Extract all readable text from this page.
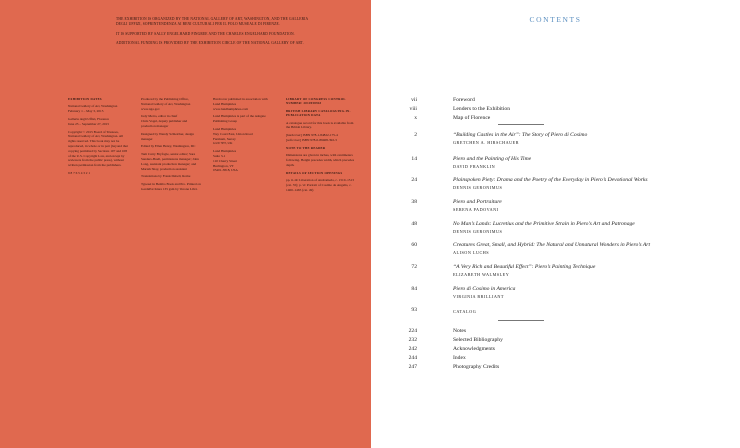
THE EXHIBITION IS ORGANIZED BY THE NATIONAL GALLERY OF ART, WASHINGTON, AND THE GALLERIA DEGLI UFFIZI, SOPRINTENDENZA AI BENI CULTURALI PER IL POLO MUSEALE DI FIRENZE.

IT IS SUPPORTED BY SALLY ENGELHARD PINGREE AND THE CHARLES ENGELHARD FOUNDATION.

ADDITIONAL FUNDING IS PROVIDED BY THE EXHIBITION CIRCLE OF THE NATIONAL GALLERY OF ART.

EXHIBITION DATES

National Gallery of Art, Washington
February 1 – May 3, 2015

Galleria degli Uffizi, Florence
June 23 – September 27, 2015

Copyright © 2015 Board of Trustees, National Gallery of Art, Washington. All rights reserved. This book may not be reproduced, in whole or in part (beyond that copying permitted by Sections 107 and 108 of the U.S. Copyright Law, and except by reviewers from the public press), without written permission from the publishers.

9 8 7 6 5 4 3 2 1

Produced by the Publishing Office, National Gallery of Art, Washington
www.nga.gov

Judy Metro, editor in chief
Chris Vogel, deputy publisher and production manager

Designed by Wendy Schleicher, design manager

Edited by Ellen Henry, Washington, DC

Tam Curry Bryfogle, senior editor; Sara Sanders-Buell, permissions manager; John Long, assistant production manager; and Mariah Shay, production assistant

Translations by Frank Dabell, Rome

Typeset in Bembo Book and Pro. Printed on GardaPat Kiara 135 gsm by Verona Libri.

Hardcover published in association with Lund Humphries
www.lundhumphries.com

Lund Humphries is part of the Ashgate Publishing Group

Lund Humphries
Wey Court East, Union Road
Farnham, Surrey
GU9 7PT, UK

Lund Humphries
Suite 3-1
110 Cherry Street
Burlington, VT
05401-3818, USA

LIBRARY OF CONGRESS CONTROL NUMBER: 2014958943

BRITISH LIBRARY CATALOGUING-IN-PUBLICATION DATA

A catalogue record for this book is available from the British Library.

[hardcover] ISBN 978-1-84822-175-4
[softcover] ISBN 978-0-89468-392-3

NOTE TO THE READER

Dimensions are given in inches, with centimeters following. Height precedes width, which precedes depth.

DETAILS OF SECTION OPENINGS

pp. ii–iii: Liberation of Andromeda, c. 1510–1513 (cat. 35); p. vi: Portrait of Cosimo de Angelis, c. 1460–1465 (cat. 49)

CONTENTS
vii	Foreword
viii	Lenders to the Exhibition
x	Map of Florence
2	“Building Castles in the Air”: The Story of Piero di Cosimo
GRETCHEN A. HIRSCHAUER
14	Piero and the Painting of His Time
DAVID FRANKLIN
24	Plainspoken Piety: Drama and the Poetry of the Everyday in Piero’s Devotional Works
DENNIS GERONIMUS
38	Piero and Portraiture
SERENA PADOVANI
48	No Man’s Lands: Lucretius and the Primitive Strain in Piero’s Art and Patronage
DENNIS GERONIMUS
60	Creatures Great, Small, and Hybrid: The Natural and Unnatural Wonders in Piero’s Art
ALISON LUCHS
72	“A Very Rich and Beautiful Effect”: Piero’s Painting Technique
ELIZABETH WALMSLEY
84	Piero di Cosimo in America
VIRGINIA BRILLIANT
93	CATALOG
224	Notes
232	Selected Bibliography
242	Acknowledgments
244	Index
247	Photography Credits
